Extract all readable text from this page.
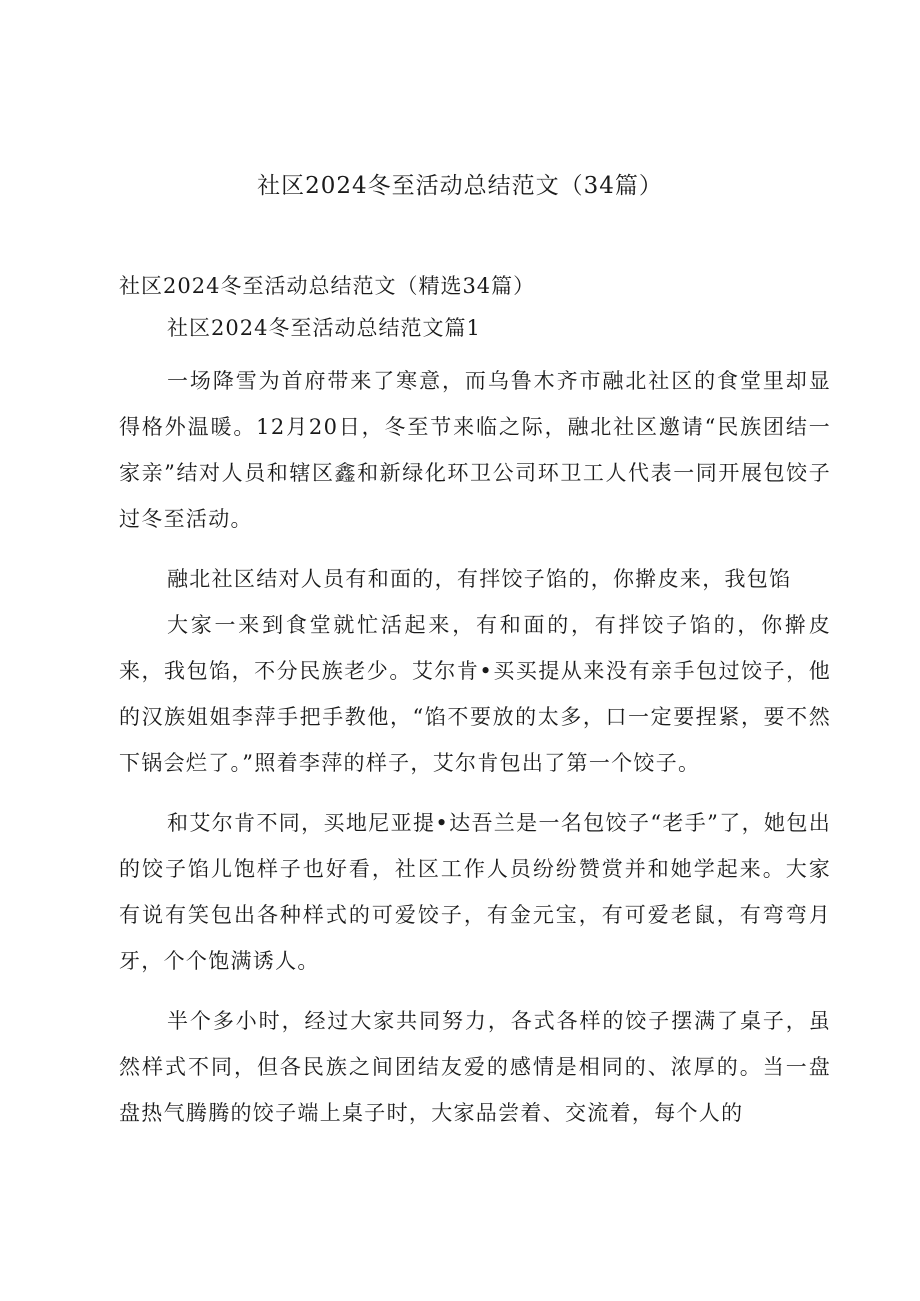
社区2024冬至活动总结范文（34篇）

社区2024冬至活动总结范文（精选34篇）

社区2024冬至活动总结范文篇1

一场降雪为首府带来了寒意，而乌鲁木齐市融北社区的食堂里却显得格外温暖。12月20日，冬至节来临之际，融北社区邀请“民族团结一家亲”结对人员和辖区鑫和新绿化环卫公司环卫工人代表一同开展包饺子过冬至活动。

融北社区结对人员有和面的，有拌饺子馅的，你擀皮来，我包馅

大家一来到食堂就忙活起来，有和面的，有拌饺子馅的，你擀皮来，我包馅，不分民族老少。艾尔肯•买买提从来没有亲手包过饺子，他的汉族姐姐李萍手把手教他，“馅不要放的太多，口一定要捏紧，要不然下锅会烂了。”照着李萍的样子，艾尔肯包出了第一个饺子。

和艾尔肯不同，买地尼亚提•达吾兰是一名包饺子“老手”了，她包出的饺子馅儿饱样子也好看，社区工作人员纷纷赞赏并和她学起来。大家有说有笑包出各种样式的可爱饺子，有金元宝，有可爱老鼠，有弯弯月牙，个个饱满诱人。

半个多小时，经过大家共同努力，各式各样的饺子摆满了桌子，虽然样式不同，但各民族之间团结友爱的感情是相同的、浓厚的。当一盘盘热气腾腾的饺子端上桌子时，大家品尝着、交流着，每个人的
